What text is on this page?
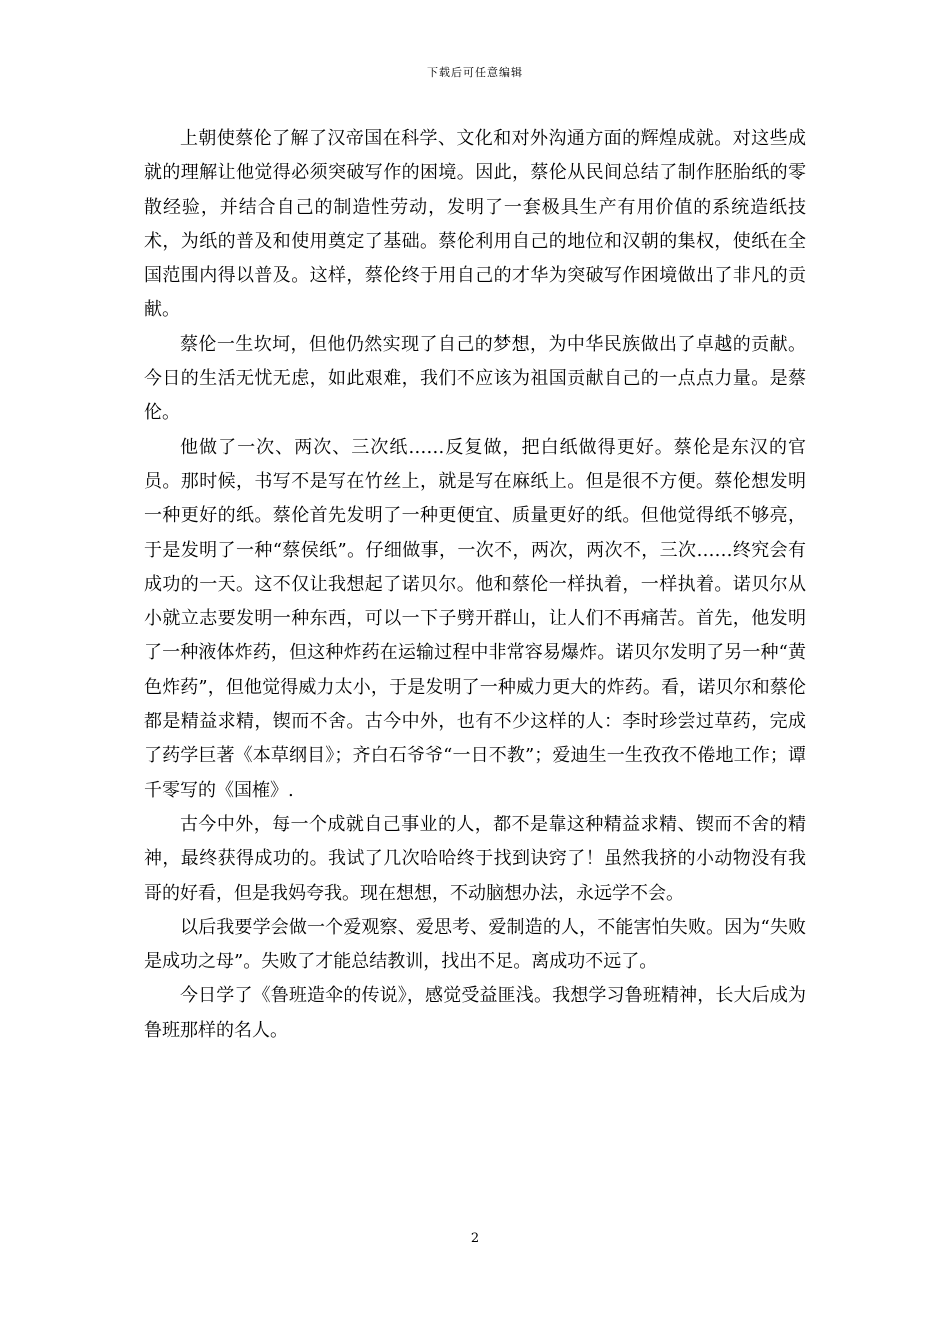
下载后可任意编辑

上朝使蔡伦了解了汉帝国在科学、文化和对外沟通方面的辉煌成就。对这些成就的理解让他觉得必须突破写作的困境。因此，蔡伦从民间总结了制作胚胎纸的零散经验，并结合自己的制造性劳动，发明了一套极具生产有用价值的系统造纸技术，为纸的普及和使用奠定了基础。蔡伦利用自己的地位和汉朝的集权，使纸在全国范围内得以普及。这样，蔡伦终于用自己的才华为突破写作困境做出了非凡的贡献。

蔡伦一生坎坷，但他仍然实现了自己的梦想，为中华民族做出了卓越的贡献。今日的生活无忧无虑，如此艰难，我们不应该为祖国贡献自己的一点点力量。是蔡伦。

他做了一次、两次、三次纸……反复做，把白纸做得更好。蔡伦是东汉的官员。那时候，书写不是写在竹丝上，就是写在麻纸上。但是很不方便。蔡伦想发明一种更好的纸。蔡伦首先发明了一种更便宜、质量更好的纸。但他觉得纸不够亮，于是发明了一种“蔡侯纸”。仔细做事，一次不，两次，两次不，三次……终究会有成功的一天。这不仅让我想起了诺贝尔。他和蔡伦一样执着，一样执着。诺贝尔从小就立志要发明一种东西，可以一下子劈开群山，让人们不再痛苦。首先，他发明了一种液体炸药，但这种炸药在运输过程中非常容易爆炸。诺贝尔发明了另一种“黄色炸药”，但他觉得威力太小，于是发明了一种威力更大的炸药。看，诺贝尔和蔡伦都是精益求精，锲而不舍。古今中外，也有不少这样的人：李时珍尝过草药，完成了药学巨著《本草纲目》；齐白石爷爷“一日不教”；爱迪生一生孜孜不倦地工作；谭千零写的《国榷》.

古今中外，每一个成就自己事业的人，都不是靠这种精益求精、锲而不舍的精神，最终获得成功的。我试了几次哈哈终于找到诀窍了！虽然我挤的小动物没有我哥的好看，但是我妈夸我。现在想想，不动脑想办法，永远学不会。

以后我要学会做一个爱观察、爱思考、爱制造的人，不能害怕失败。因为“失败是成功之母”。失败了才能总结教训，找出不足。离成功不远了。

今日学了《鲁班造伞的传说》，感觉受益匪浅。我想学习鲁班精神，长大后成为鲁班那样的名人。

2
